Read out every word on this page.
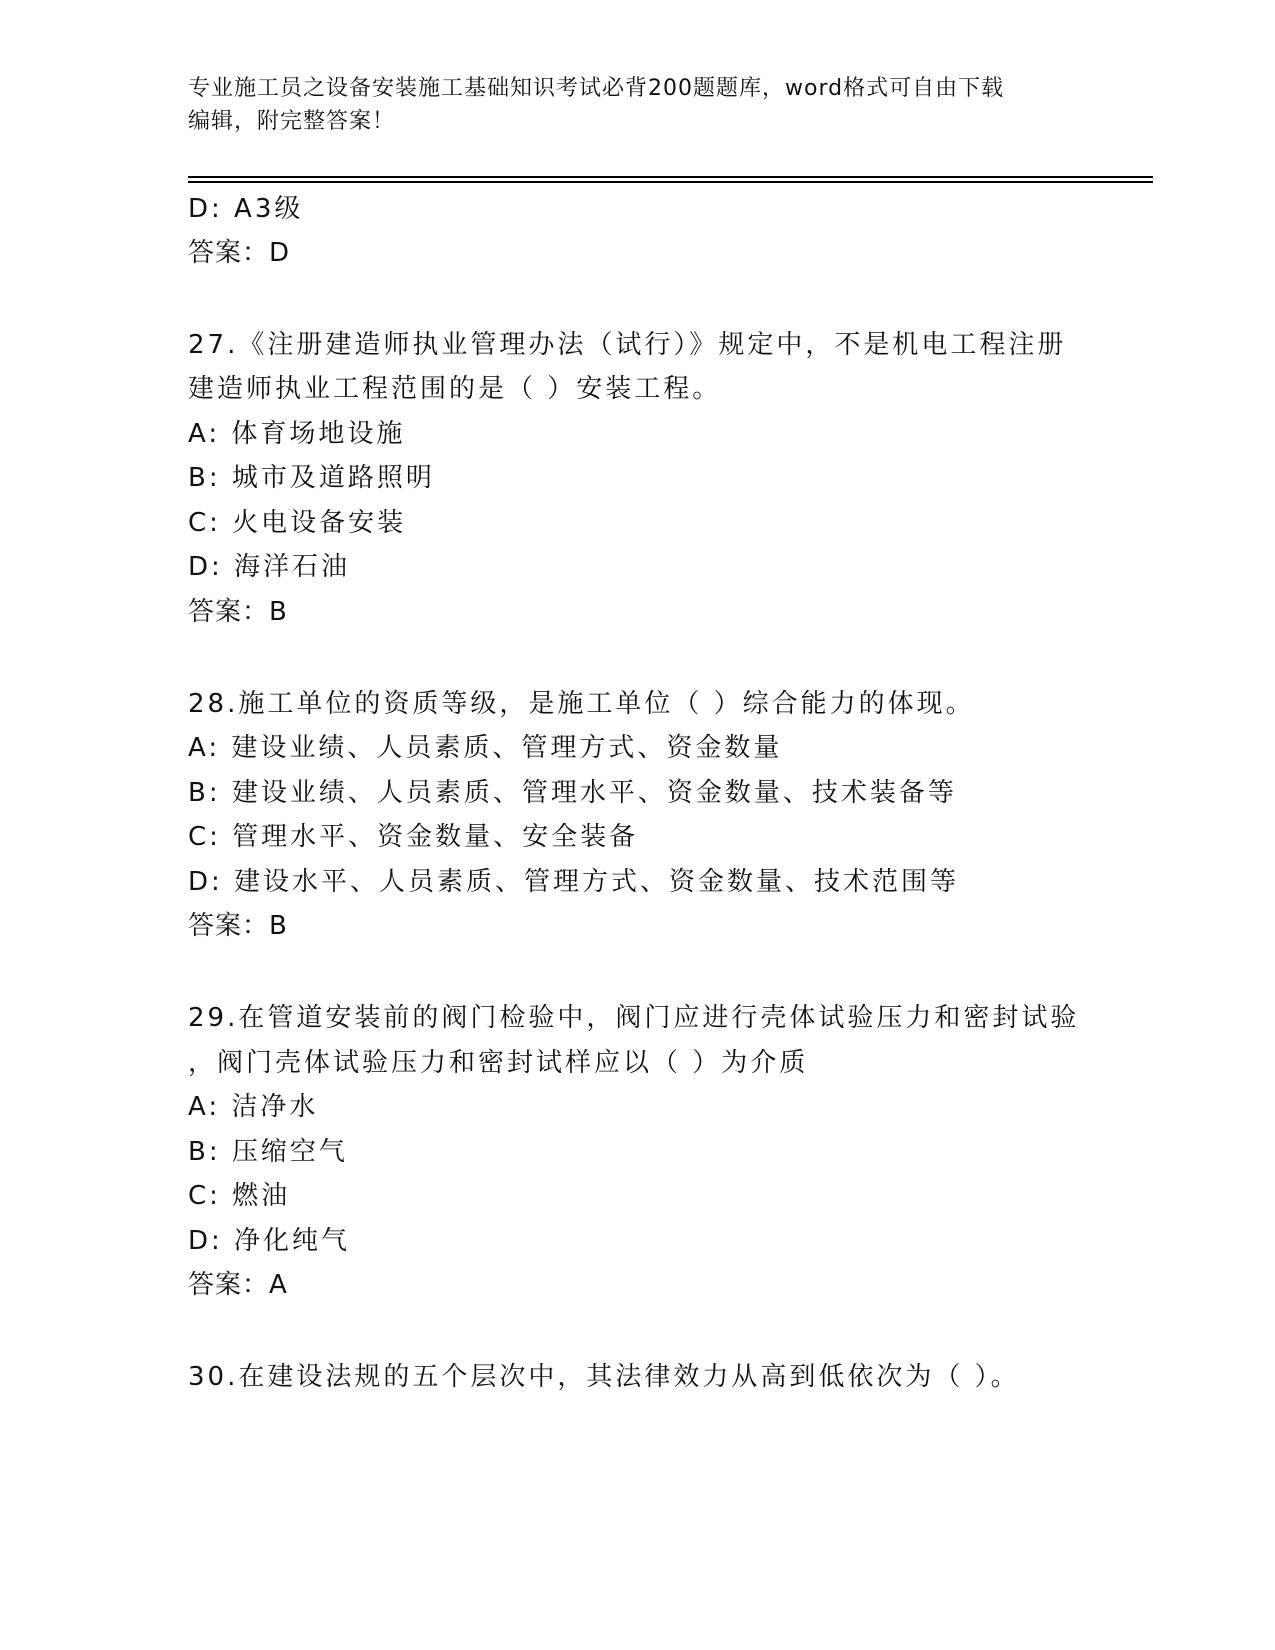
专业施工员之设备安装施工基础知识考试必背200题题库，word格式可自由下载
编辑，附完整答案！
D: A3级
答案：D
27.《注册建造师执业管理办法（试行）》规定中，不是机电工程注册
建造师执业工程范围的是（ ）安装工程。
A: 体育场地设施
B: 城市及道路照明
C: 火电设备安装
D: 海洋石油
答案：B
28.施工单位的资质等级，是施工单位（ ）综合能力的体现。
A: 建设业绩、人员素质、管理方式、资金数量
B: 建设业绩、人员素质、管理水平、资金数量、技术装备等
C: 管理水平、资金数量、安全装备
D: 建设水平、人员素质、管理方式、资金数量、技术范围等
答案：B
29.在管道安装前的阀门检验中，阀门应进行壳体试验压力和密封试验
，阀门壳体试验压力和密封试样应以（ ）为介质
A: 洁净水
B: 压缩空气
C: 燃油
D: 净化纯气
答案：A
30.在建设法规的五个层次中，其法律效力从高到低依次为（ ）。
